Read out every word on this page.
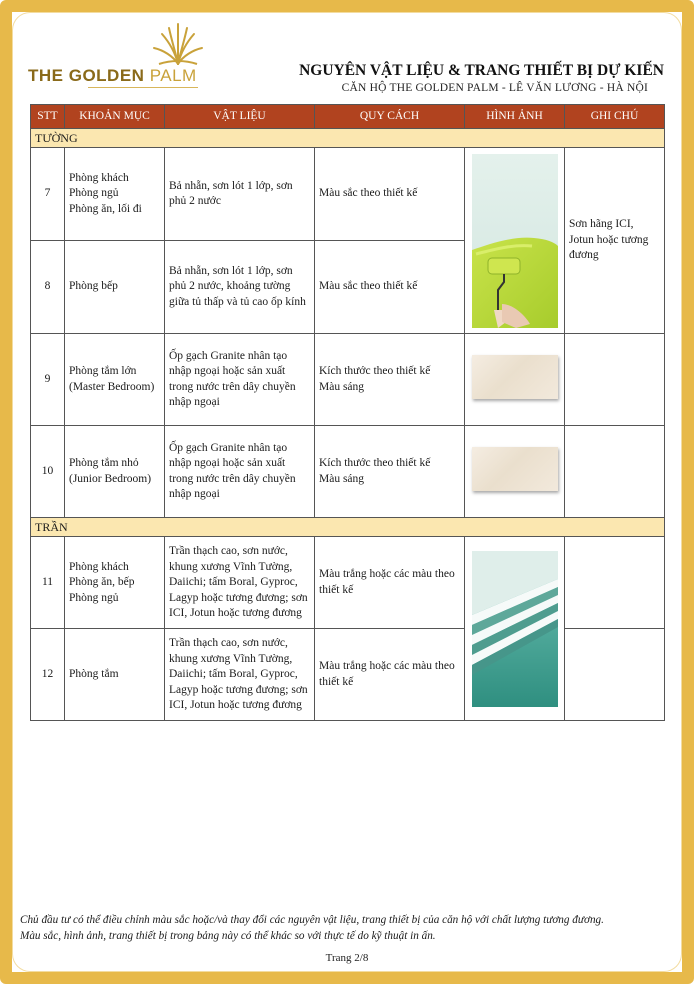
THE GOLDEN PALM	NGUYÊN VẬT LIỆU & TRANG THIẾT BỊ DỰ KIẾN
CĂN HỘ THE GOLDEN PALM - LÊ VĂN LƯƠNG - HÀ NỘI
STT	KHOẢN MỤC	VẬT LIỆU	QUY CÁCH	HÌNH ẢNH	GHI CHÚ
TƯỜNG					
7	Phòng khách
Phòng ngủ
Phòng ăn, lối đi	Bả nhẵn, sơn lót 1 lớp, sơn phủ 2 nước	Màu sắc theo thiết kế		Sơn hãng ICI, Jotun hoặc tương đương
8	Phòng bếp	Bả nhẵn, sơn lót 1 lớp, sơn phủ 2 nước, khoảng tường giữa tủ thấp và tủ cao ốp kính	Màu sắc theo thiết kế		
9	Phòng tắm lớn
(Master Bedroom)	Ốp gạch Granite nhân tạo nhập ngoại hoặc sản xuất trong nước trên dây chuyền nhập ngoại	Kích thước theo thiết kế
Màu sáng		
10	Phòng tắm nhỏ
(Junior Bedroom)	Ốp gạch Granite nhân tạo nhập ngoại hoặc sản xuất trong nước trên dây chuyền nhập ngoại	Kích thước theo thiết kế
Màu sáng		
TRẦN					
11	Phòng khách
Phòng ăn, bếp
Phòng ngủ	Trần thạch cao, sơn nước, khung xương Vĩnh Tường, Daiichi; tấm Boral, Gyproc, Lagyp hoặc tương đương; sơn ICI, Jotun hoặc tương đương	Màu trắng hoặc các màu theo thiết kế	

12	Phòng tắm	Trần thạch cao, sơn nước, khung xương Vĩnh Tường, Daiichi; tấm Boral, Gyproc, Lagyp hoặc tương đương; sơn ICI, Jotun hoặc tương đương	Màu trắng hoặc các màu theo thiết kế		
Chủ đầu tư có thể điều chỉnh màu sắc hoặc/và thay đổi các nguyên vật liệu, trang thiết bị của căn hộ với chất lượng tương đương.
Màu sắc, hình ảnh, trang thiết bị trong bảng này có thể khác so với thực tế do kỹ thuật in ấn.
Trang 2/8
